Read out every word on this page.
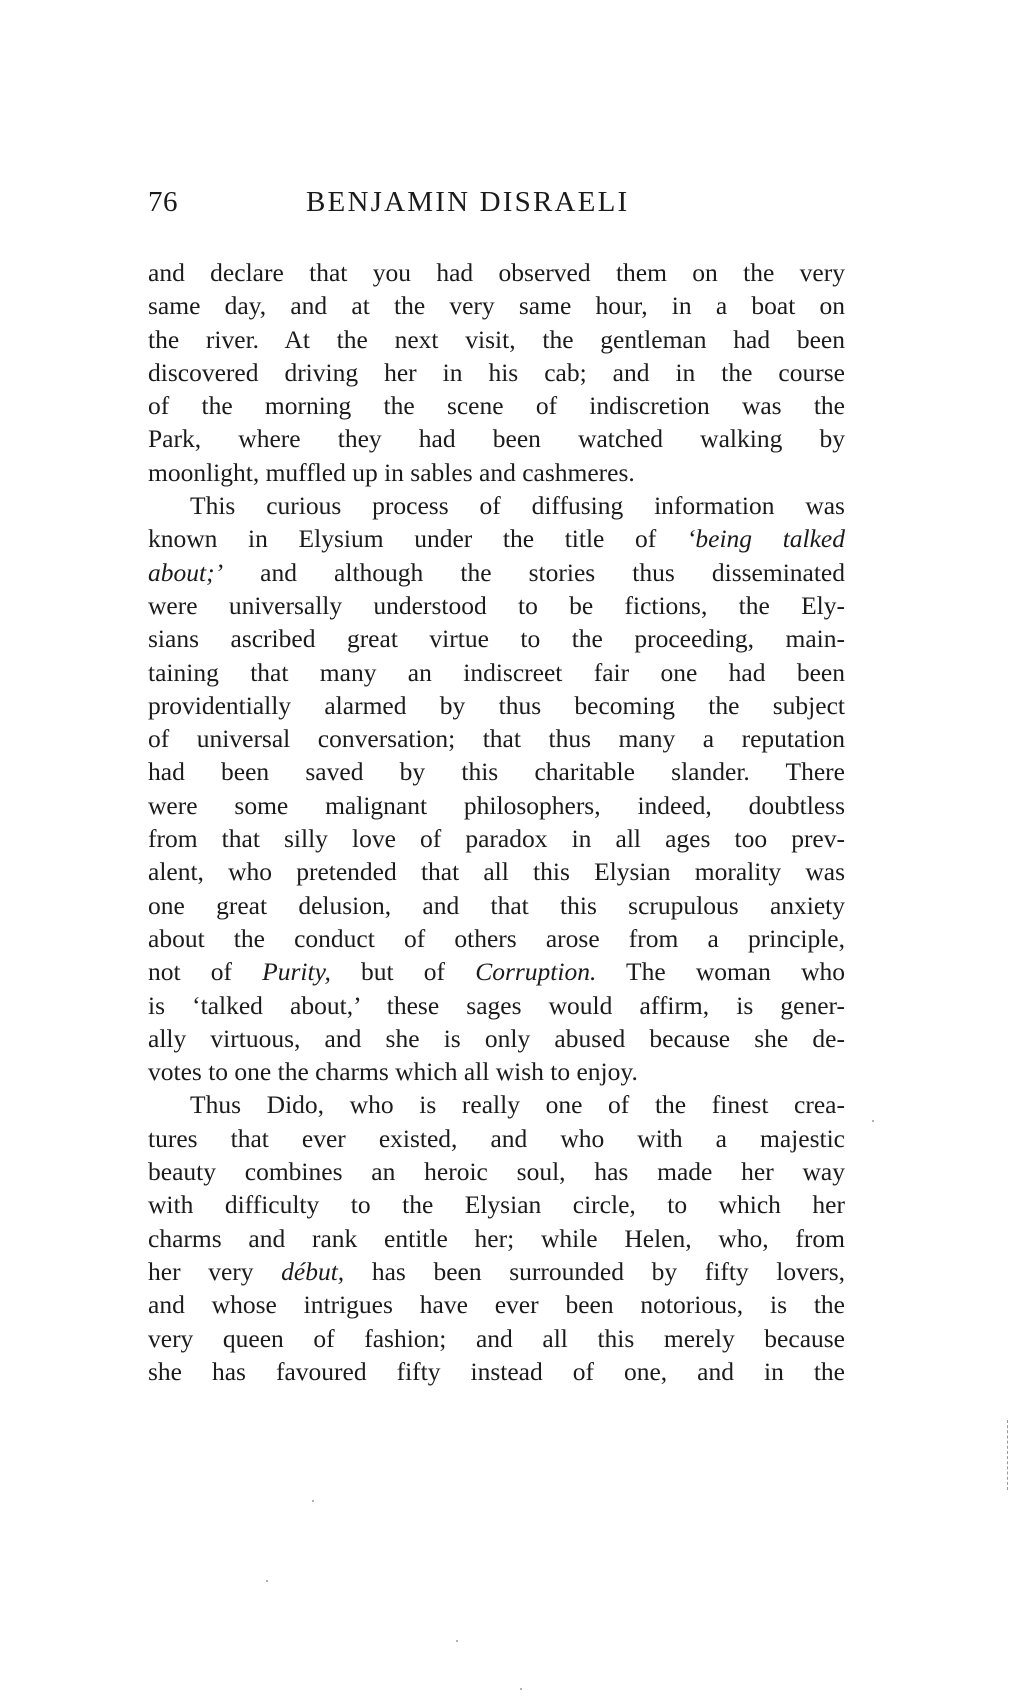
76	BENJAMIN DISRAELI
and declare that you had observed them on the very
same day, and at the very same hour, in a boat on
the river. At the next visit, the gentleman had been
discovered driving her in his cab; and in the course
of the morning the scene of indiscretion was the
Park, where they had been watched walking by
moonlight, muffled up in sables and cashmeres.
This curious process of diffusing information was
known in Elysium under the title of ‘being talked
about;’ and although the stories thus disseminated
were universally understood to be fictions, the Ely-
sians ascribed great virtue to the proceeding, main-
taining that many an indiscreet fair one had been
providentially alarmed by thus becoming the subject
of universal conversation; that thus many a reputation
had been saved by this charitable slander. There
were some malignant philosophers, indeed, doubtless
from that silly love of paradox in all ages too prev-
alent, who pretended that all this Elysian morality was
one great delusion, and that this scrupulous anxiety
about the conduct of others arose from a principle,
not of Purity, but of Corruption. The woman who
is ‘talked about,’ these sages would affirm, is gener-
ally virtuous, and she is only abused because she de-
votes to one the charms which all wish to enjoy.
Thus Dido, who is really one of the finest crea-
tures that ever existed, and who with a majestic
beauty combines an heroic soul, has made her way
with difficulty to the Elysian circle, to which her
charms and rank entitle her; while Helen, who, from
her very début, has been surrounded by fifty lovers,
and whose intrigues have ever been notorious, is the
very queen of fashion; and all this merely because
she has favoured fifty instead of one, and in the
